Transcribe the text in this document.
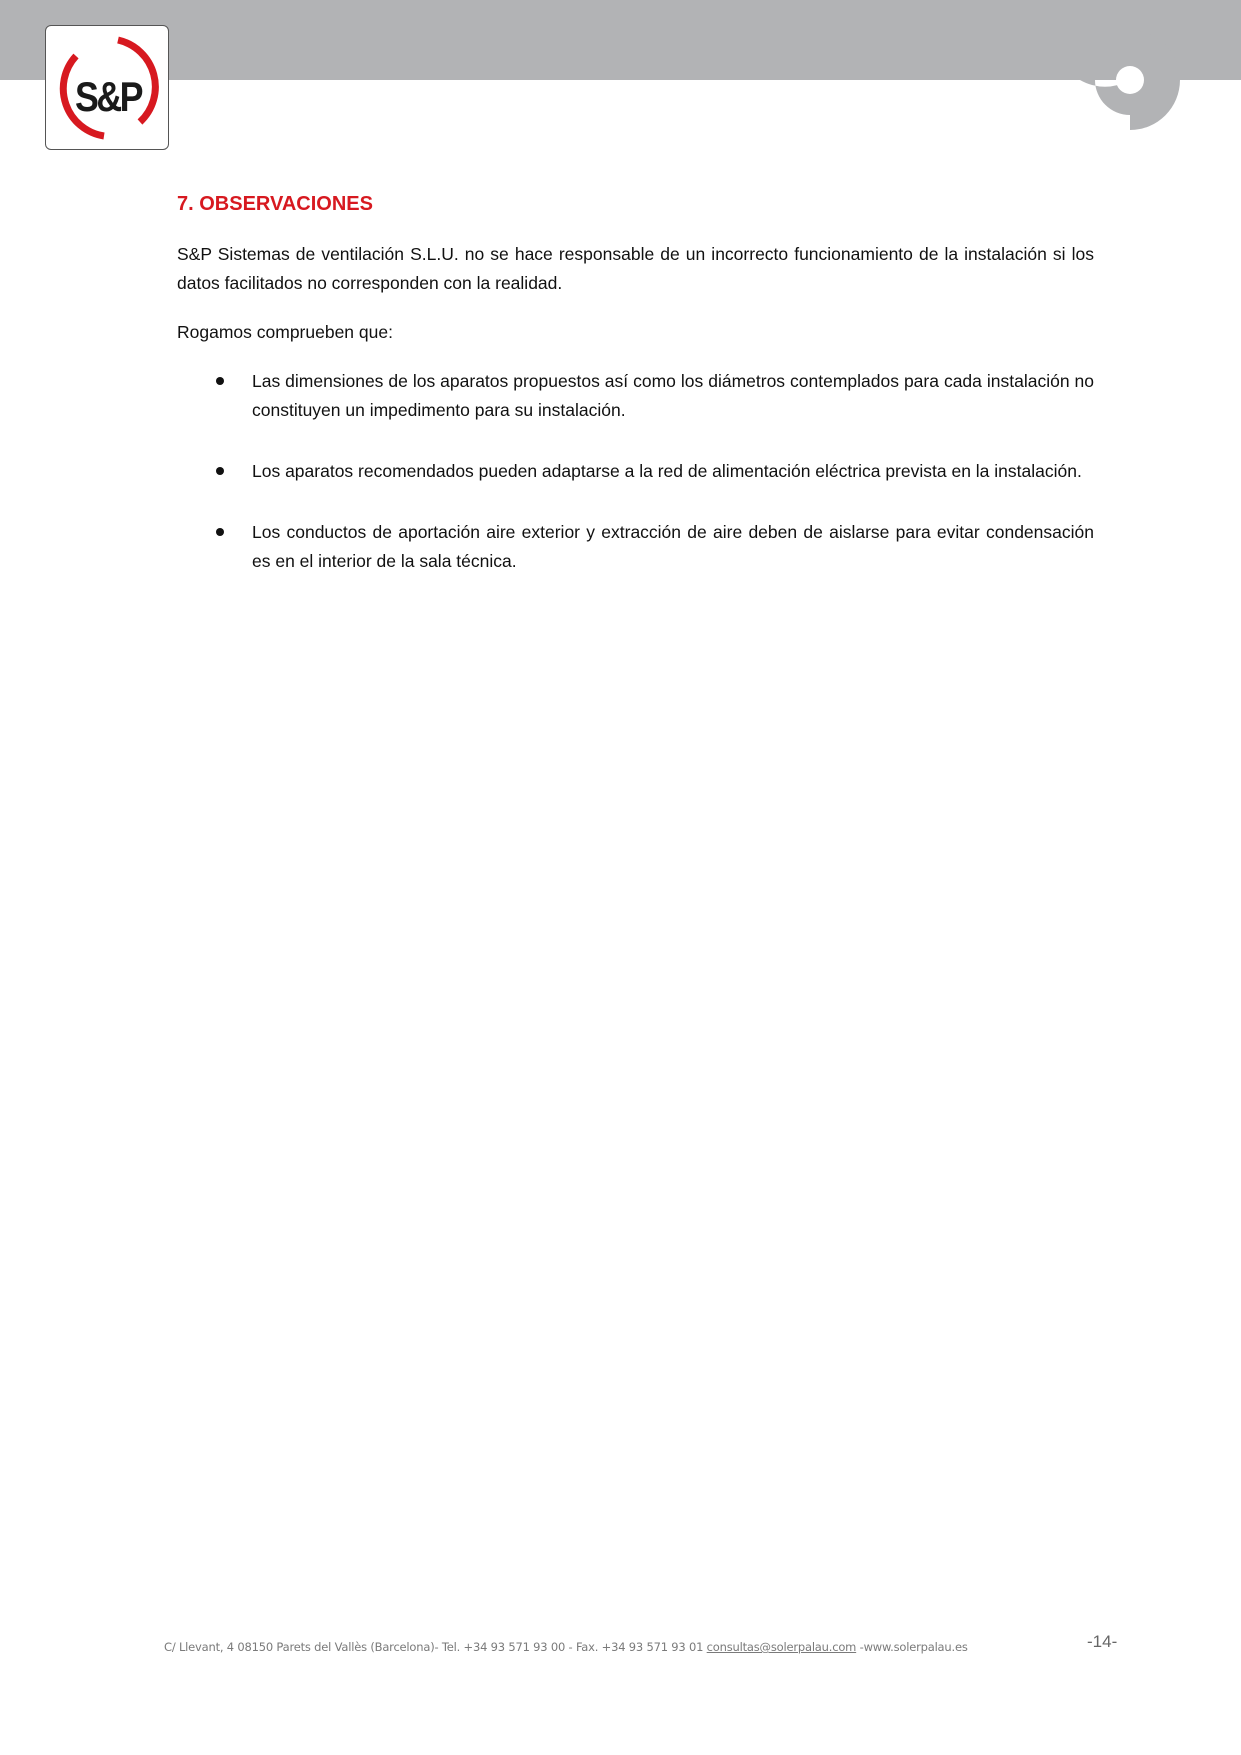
S&P
7. OBSERVACIONES

S&P Sistemas de ventilación S.L.U. no se hace responsable de un incorrecto funcionamiento de la instalación si los datos facilitados no corresponden con la realidad.

Rogamos comprueben que:

Las dimensiones de los aparatos propuestos así como los diámetros contemplados para cada instalación no constituyen un impedimento para su instalación.
Los aparatos recomendados pueden adaptarse a la red de alimentación eléctrica prevista en la instalación.
Los conductos de aportación aire exterior y extracción de aire deben de aislarse para evitar condensación es en el interior de la sala técnica.
C/ Llevant, 4 08150 Parets del Vallès (Barcelona)- Tel. +34 93 571 93 00 - Fax. +34 93 571 93 01 consultas@solerpalau.com -www.solerpalau.es	-14-
